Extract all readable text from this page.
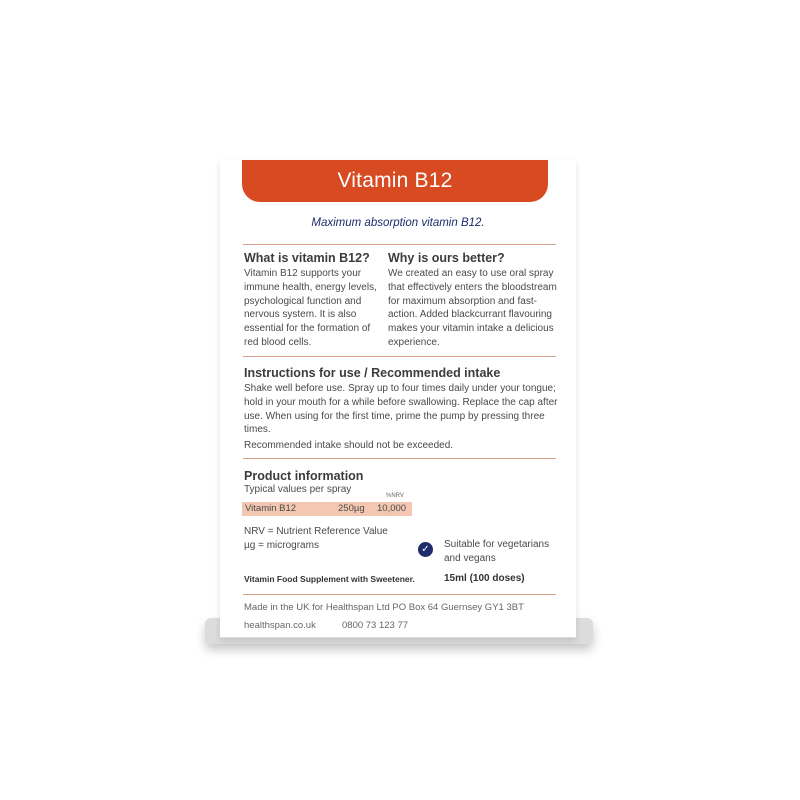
Vitamin B12
Maximum absorption vitamin B12.
What is vitamin B12?
Vitamin B12 supports your immune health, energy levels, psychological function and nervous system. It is also essential for the formation of red blood cells.
Why is ours better?
We created an easy to use oral spray that effectively enters the bloodstream for maximum absorption and fast-action. Added blackcurrant flavouring makes your vitamin intake a delicious experience.
Instructions for use / Recommended intake
Shake well before use. Spray up to four times daily under your tongue; hold in your mouth for a while before swallowing. Replace the cap after use. When using for the first time, prime the pump by pressing three times.
Recommended intake should not be exceeded.
Product information
Typical values per spray
%NRV
Vitamin B12	250µg 10,000
NRV = Nutrient Reference Value
µg = micrograms	✓	Suitable for vegetarians and vegans
Vitamin Food Supplement with Sweetener.	15ml (100 doses)
Made in the UK for Healthspan Ltd PO Box 64 Guernsey GY1 3BT
healthspan.co.uk	0800 73 123 77
